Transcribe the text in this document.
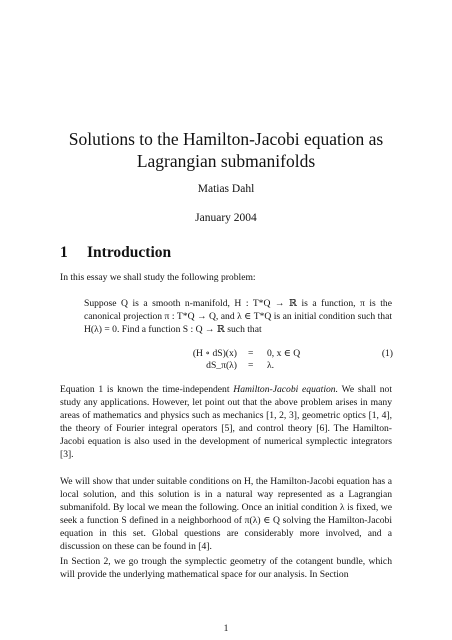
Solutions to the Hamilton-Jacobi equation as Lagrangian submanifolds
Matias Dahl
January 2004
1 Introduction
In this essay we shall study the following problem:
Suppose Q is a smooth n-manifold, H : T*Q → ℝ is a function, π is the canonical projection π : T*Q → Q, and λ ∈ T*Q is an initial condition such that H(λ) = 0. Find a function S : Q → ℝ such that
(H ∘ dS)(x) = 0, x ∈ Q	(1)
dS_π(λ) = λ.
Equation 1 is known the time-independent Hamilton-Jacobi equation. We shall not study any applications. However, let point out that the above problem arises in many areas of mathematics and physics such as mechanics [1, 2, 3], geometric optics [1, 4], the theory of Fourier integral operators [5], and control theory [6]. The Hamilton-Jacobi equation is also used in the development of numerical symplectic integrators [3].
We will show that under suitable conditions on H, the Hamilton-Jacobi equation has a local solution, and this solution is in a natural way represented as a Lagrangian submanifold. By local we mean the following. Once an initial condition λ is fixed, we seek a function S defined in a neighborhood of π(λ) ∈ Q solving the Hamilton-Jacobi equation in this set. Global questions are considerably more involved, and a discussion on these can be found in [4].
In Section 2, we go trough the symplectic geometry of the cotangent bundle, which will provide the underlying mathematical space for our analysis. In Section
1
